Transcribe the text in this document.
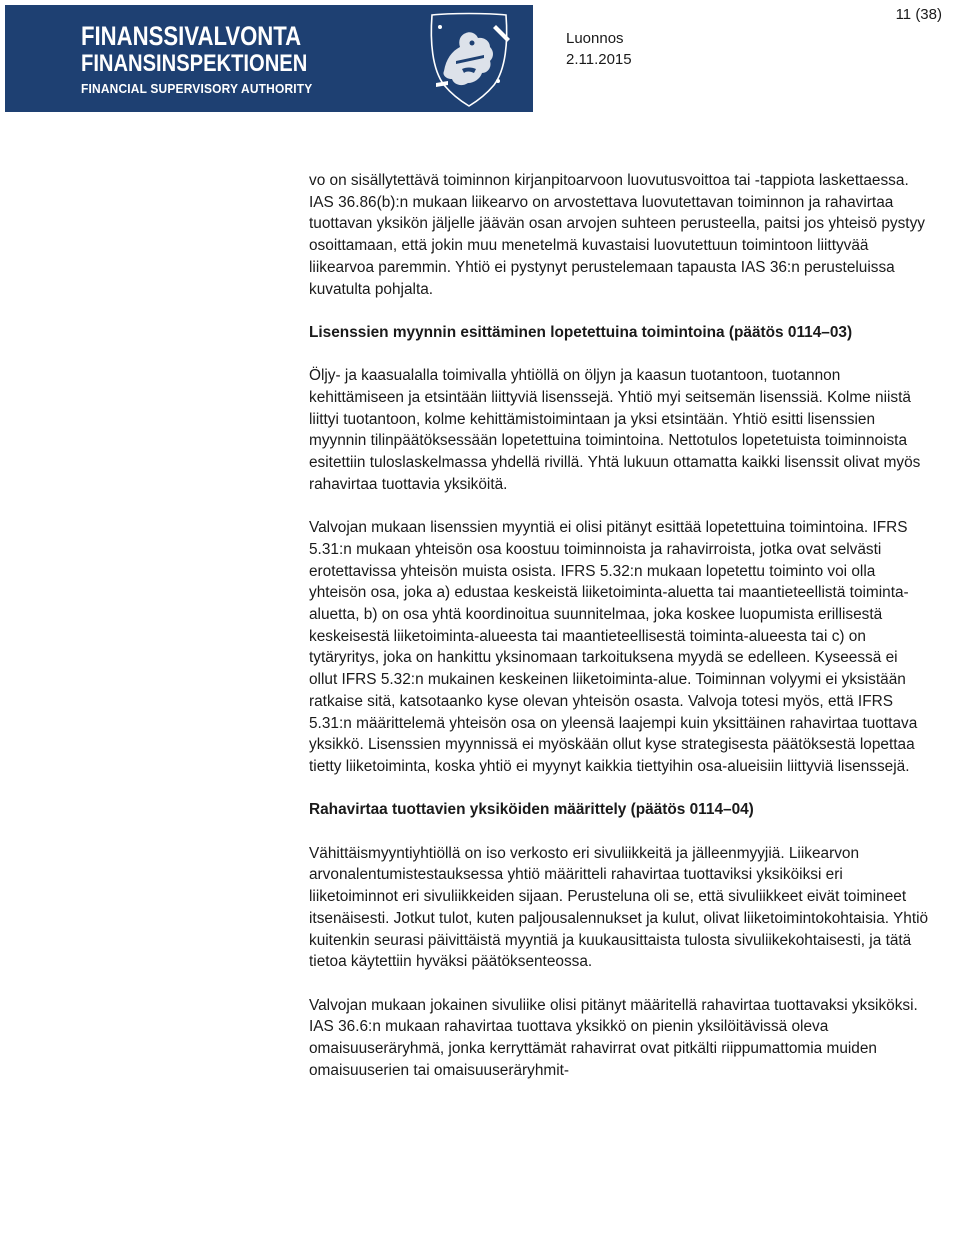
FINANSSIVALVONTA
FINANSINSPEKTIONEN
FINANCIAL SUPERVISORY AUTHORITY
Luonnos
2.11.2015
11 (38)

vo on sisällytettävä toiminnon kirjanpitoarvoon luovutusvoittoa tai -tappiota laskettaessa. IAS 36.86(b):n mukaan liikearvo on arvostettava luovutettavan toiminnon ja rahavirtaa tuottavan yksikön jäljelle jäävän osan arvojen suhteen perusteella, paitsi jos yhteisö pystyy osoittamaan, että jokin muu menetelmä kuvastaisi luovutettuun toimintoon liittyvää liikearvoa paremmin. Yhtiö ei pystynyt perustelemaan tapausta IAS 36:n perusteluissa kuvatulta pohjalta.

Lisenssien myynnin esittäminen lopetettuina toimintoina (päätös 0114–03)

Öljy- ja kaasualalla toimivalla yhtiöllä on öljyn ja kaasun tuotantoon, tuotannon kehittämiseen ja etsintään liittyviä lisenssejä. Yhtiö myi seitsemän lisenssiä. Kolme niistä liittyi tuotantoon, kolme kehittämistoimintaan ja yksi etsintään. Yhtiö esitti lisenssien myynnin tilinpäätöksessään lopetettuina toimintoina. Nettotulos lopetetuista toiminnoista esitettiin tuloslaskelmassa yhdellä rivillä. Yhtä lukuun ottamatta kaikki lisenssit olivat myös rahavirtaa tuottavia yksiköitä.

Valvojan mukaan lisenssien myyntiä ei olisi pitänyt esittää lopetettuina toimintoina. IFRS 5.31:n mukaan yhteisön osa koostuu toiminnoista ja rahavirroista, jotka ovat selvästi erotettavissa yhteisön muista osista. IFRS 5.32:n mukaan lopetettu toiminto voi olla yhteisön osa, joka a) edustaa keskeistä liiketoiminta-aluetta tai maantieteellistä toiminta-aluetta, b) on osa yhtä koordinoitua suunnitelmaa, joka koskee luopumista erillisestä keskeisestä liiketoiminta-alueesta tai maantieteellisestä toiminta-alueesta tai c) on tytäryritys, joka on hankittu yksinomaan tarkoituksena myydä se edelleen. Kyseessä ei ollut IFRS 5.32:n mukainen keskeinen liiketoiminta-alue. Toiminnan volyymi ei yksistään ratkaise sitä, katsotaanko kyse olevan yhteisön osasta. Valvoja totesi myös, että IFRS 5.31:n määrittelemä yhteisön osa on yleensä laajempi kuin yksittäinen rahavirtaa tuottava yksikkö. Lisenssien myynnissä ei myöskään ollut kyse strategisesta päätöksestä lopettaa tietty liiketoiminta, koska yhtiö ei myynyt kaikkia tiettyihin osa-alueisiin liittyviä lisenssejä.

Rahavirtaa tuottavien yksiköiden määrittely (päätös 0114–04)

Vähittäismyyntiyhtiöllä on iso verkosto eri sivuliikkeitä ja jälleenmyyjiä. Liikearvon arvonalentumistestauksessa yhtiö määritteli rahavirtaa tuottaviksi yksiköiksi eri liiketoiminnot eri sivuliikkeiden sijaan. Perusteluna oli se, että sivuliikkeet eivät toimineet itsenäisesti. Jotkut tulot, kuten paljousalennukset ja kulut, olivat liiketoimintokohtaisia. Yhtiö kuitenkin seurasi päivittäistä myyntiä ja kuukausittaista tulosta sivuliikekohtaisesti, ja tätä tietoa käytettiin hyväksi päätöksenteossa.

Valvojan mukaan jokainen sivuliike olisi pitänyt määritellä rahavirtaa tuottavaksi yksiköksi. IAS 36.6:n mukaan rahavirtaa tuottava yksikkö on pienin yksilöitävissä oleva omaisuuseräryhmä, jonka kerryttämät rahavirrat ovat pitkälti riippumattomia muiden omaisuuserien tai omaisuuseräryhmit-
